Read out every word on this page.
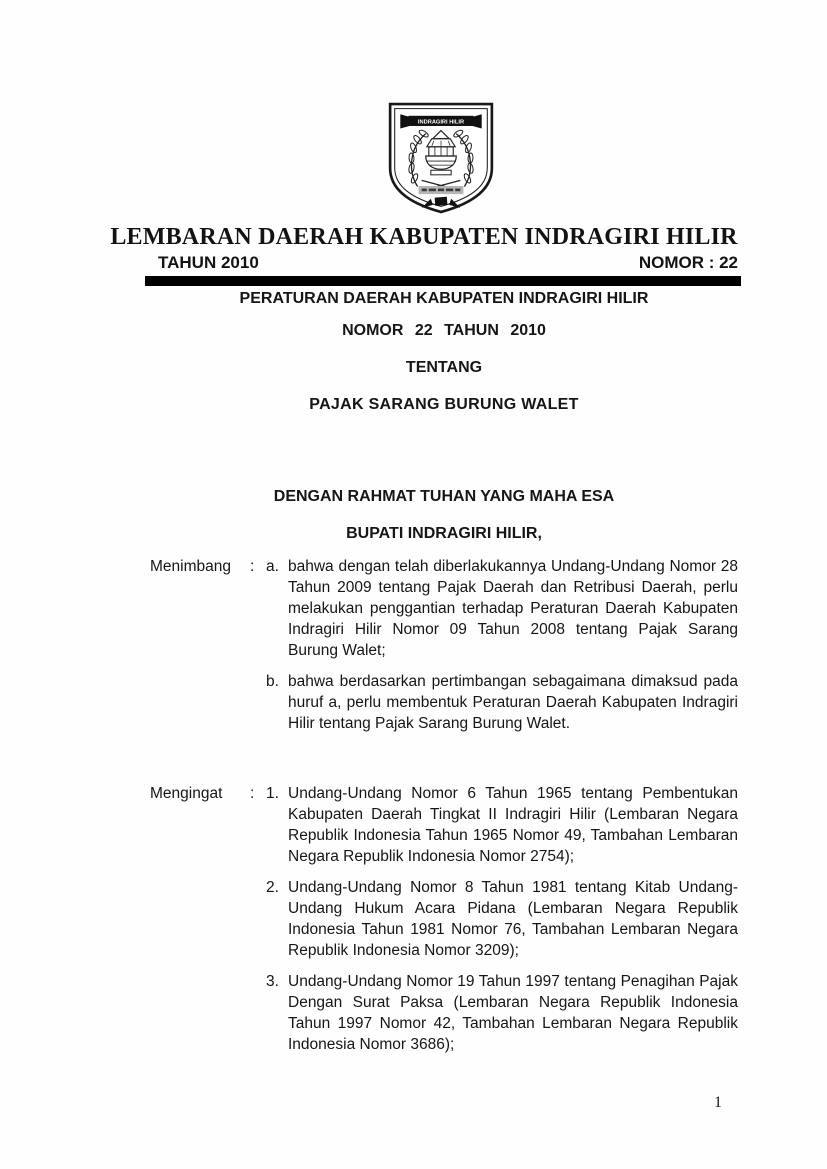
INDRAGIRI HILIR
LEMBARAN DAERAH KABUPATEN INDRAGIRI HILIR
TAHUN 2010	NOMOR : 22
PERATURAN DAERAH KABUPATEN INDRAGIRI HILIR
NOMOR 22 TAHUN 2010
TENTANG
PAJAK SARANG BURUNG WALET
DENGAN RAHMAT TUHAN YANG MAHA ESA
BUPATI INDRAGIRI HILIR,
Menimbang	: a. bahwa dengan telah diberlakukannya Undang-Undang Nomor 28 Tahun 2009 tentang Pajak Daerah dan Retribusi Daerah, perlu melakukan penggantian terhadap Peraturan Daerah Kabupaten Indragiri Hilir Nomor 09 Tahun 2008 tentang Pajak Sarang Burung Walet;
b. bahwa berdasarkan pertimbangan sebagaimana dimaksud pada huruf a, perlu membentuk Peraturan Daerah Kabupaten Indragiri Hilir tentang Pajak Sarang Burung Walet.
Mengingat	: 1. Undang-Undang Nomor 6 Tahun 1965 tentang Pembentukan Kabupaten Daerah Tingkat II Indragiri Hilir (Lembaran Negara Republik Indonesia Tahun 1965 Nomor 49, Tambahan Lembaran Negara Republik Indonesia Nomor 2754);
2. Undang-Undang Nomor 8 Tahun 1981 tentang Kitab Undang-Undang Hukum Acara Pidana (Lembaran Negara Republik Indonesia Tahun 1981 Nomor 76, Tambahan Lembaran Negara Republik Indonesia Nomor 3209);
3. Undang-Undang Nomor 19 Tahun 1997 tentang Penagihan Pajak Dengan Surat Paksa (Lembaran Negara Republik Indonesia Tahun 1997 Nomor 42, Tambahan Lembaran Negara Republik Indonesia Nomor 3686);
1
